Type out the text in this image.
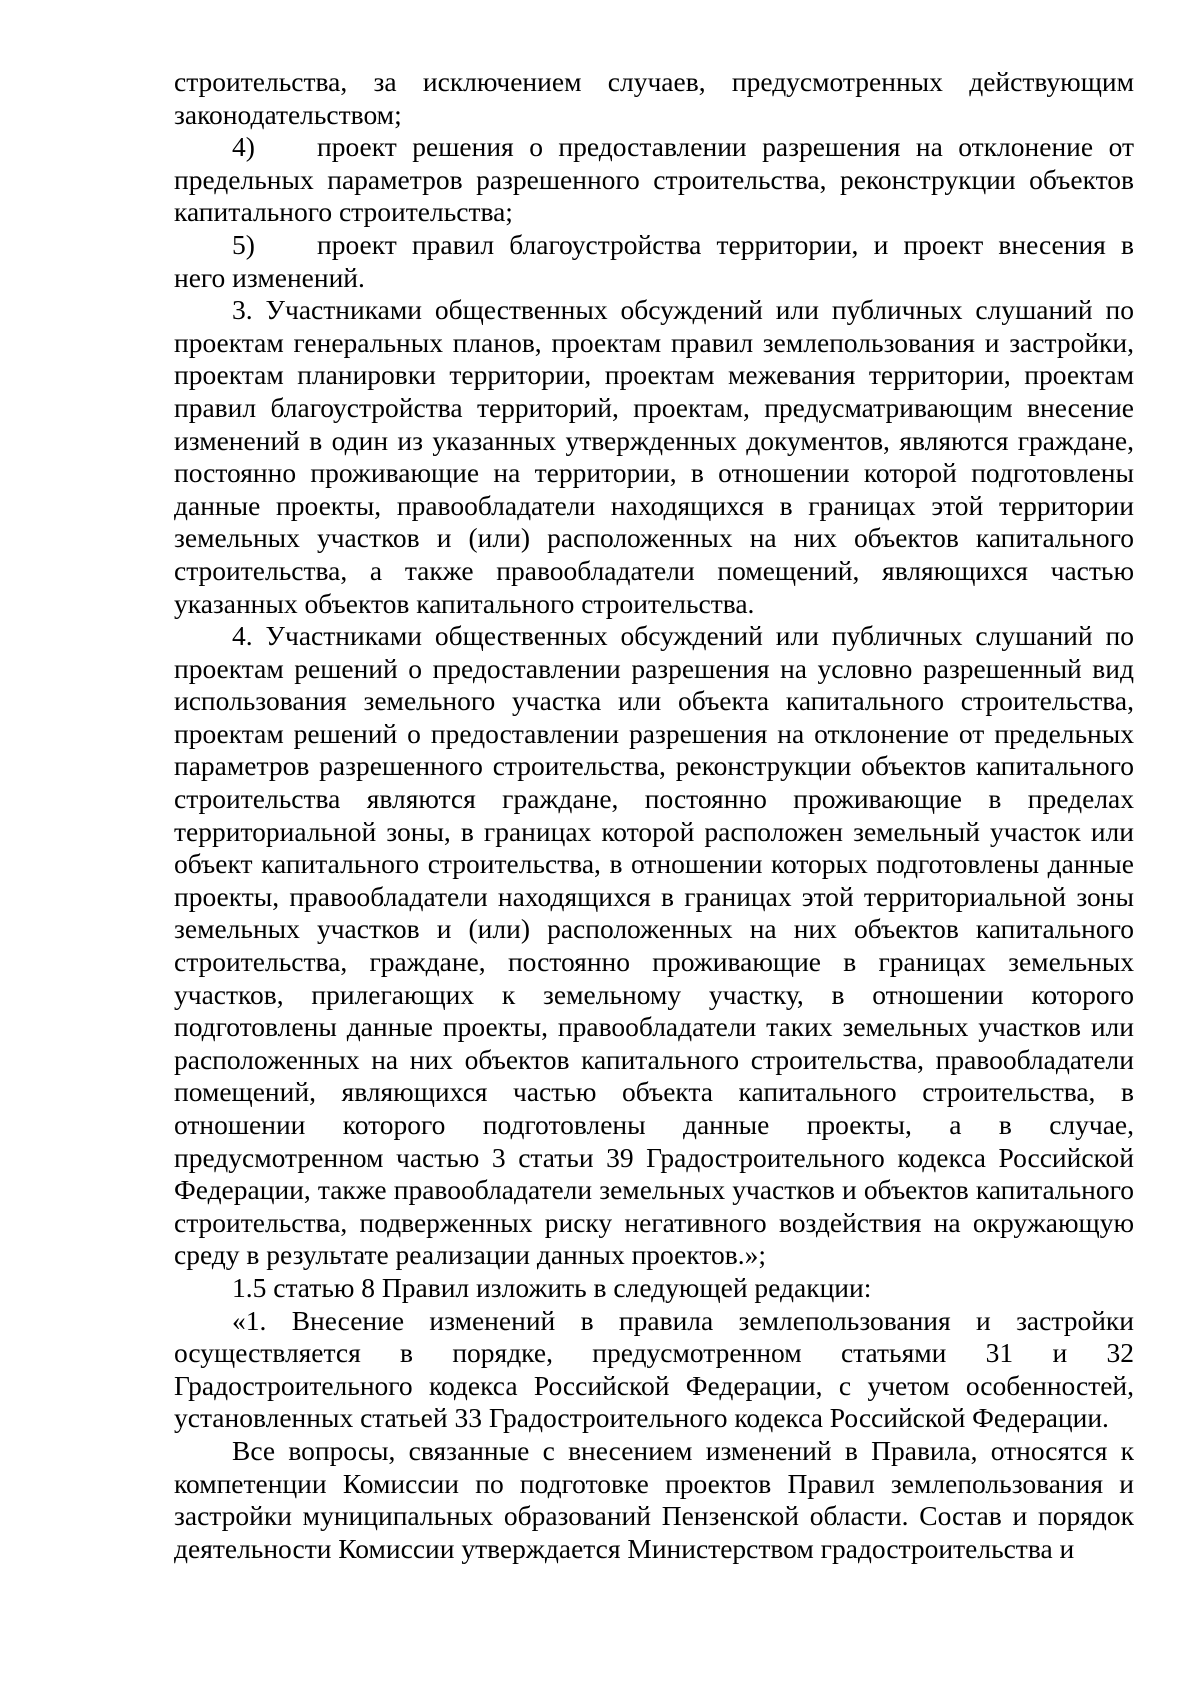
строительства, за исключением случаев, предусмотренных действующим законодательством;

4) проект решения о предоставлении разрешения на отклонение от предельных параметров разрешенного строительства, реконструкции объектов капитального строительства;

5) проект правил благоустройства территории, и проект внесения в него изменений.

3. Участниками общественных обсуждений или публичных слушаний по проектам генеральных планов, проектам правил землепользования и застройки, проектам планировки территории, проектам межевания территории, проектам правил благоустройства территорий, проектам, предусматривающим внесение изменений в один из указанных утвержденных документов, являются граждане, постоянно проживающие на территории, в отношении которой подготовлены данные проекты, правообладатели находящихся в границах этой территории земельных участков и (или) расположенных на них объектов капитального строительства, а также правообладатели помещений, являющихся частью указанных объектов капитального строительства.

4. Участниками общественных обсуждений или публичных слушаний по проектам решений о предоставлении разрешения на условно разрешенный вид использования земельного участка или объекта капитального строительства, проектам решений о предоставлении разрешения на отклонение от предельных параметров разрешенного строительства, реконструкции объектов капитального строительства являются граждане, постоянно проживающие в пределах территориальной зоны, в границах которой расположен земельный участок или объект капитального строительства, в отношении которых подготовлены данные проекты, правообладатели находящихся в границах этой территориальной зоны земельных участков и (или) расположенных на них объектов капитального строительства, граждане, постоянно проживающие в границах земельных участков, прилегающих к земельному участку, в отношении которого подготовлены данные проекты, правообладатели таких земельных участков или расположенных на них объектов капитального строительства, правообладатели помещений, являющихся частью объекта капитального строительства, в отношении которого подготовлены данные проекты, а в случае, предусмотренном частью 3 статьи 39 Градостроительного кодекса Российской Федерации, также правообладатели земельных участков и объектов капитального строительства, подверженных риску негативного воздействия на окружающую среду в результате реализации данных проектов.»;

1.5 статью 8 Правил изложить в следующей редакции:

«1. Внесение изменений в правила землепользования и застройки осуществляется в порядке, предусмотренном статьями 31 и 32 Градостроительного кодекса Российской Федерации, с учетом особенностей, установленных статьей 33 Градостроительного кодекса Российской Федерации.

Все вопросы, связанные с внесением изменений в Правила, относятся к компетенции Комиссии по подготовке проектов Правил землепользования и застройки муниципальных образований Пензенской области. Состав и порядок деятельности Комиссии утверждается Министерством градостроительства и
